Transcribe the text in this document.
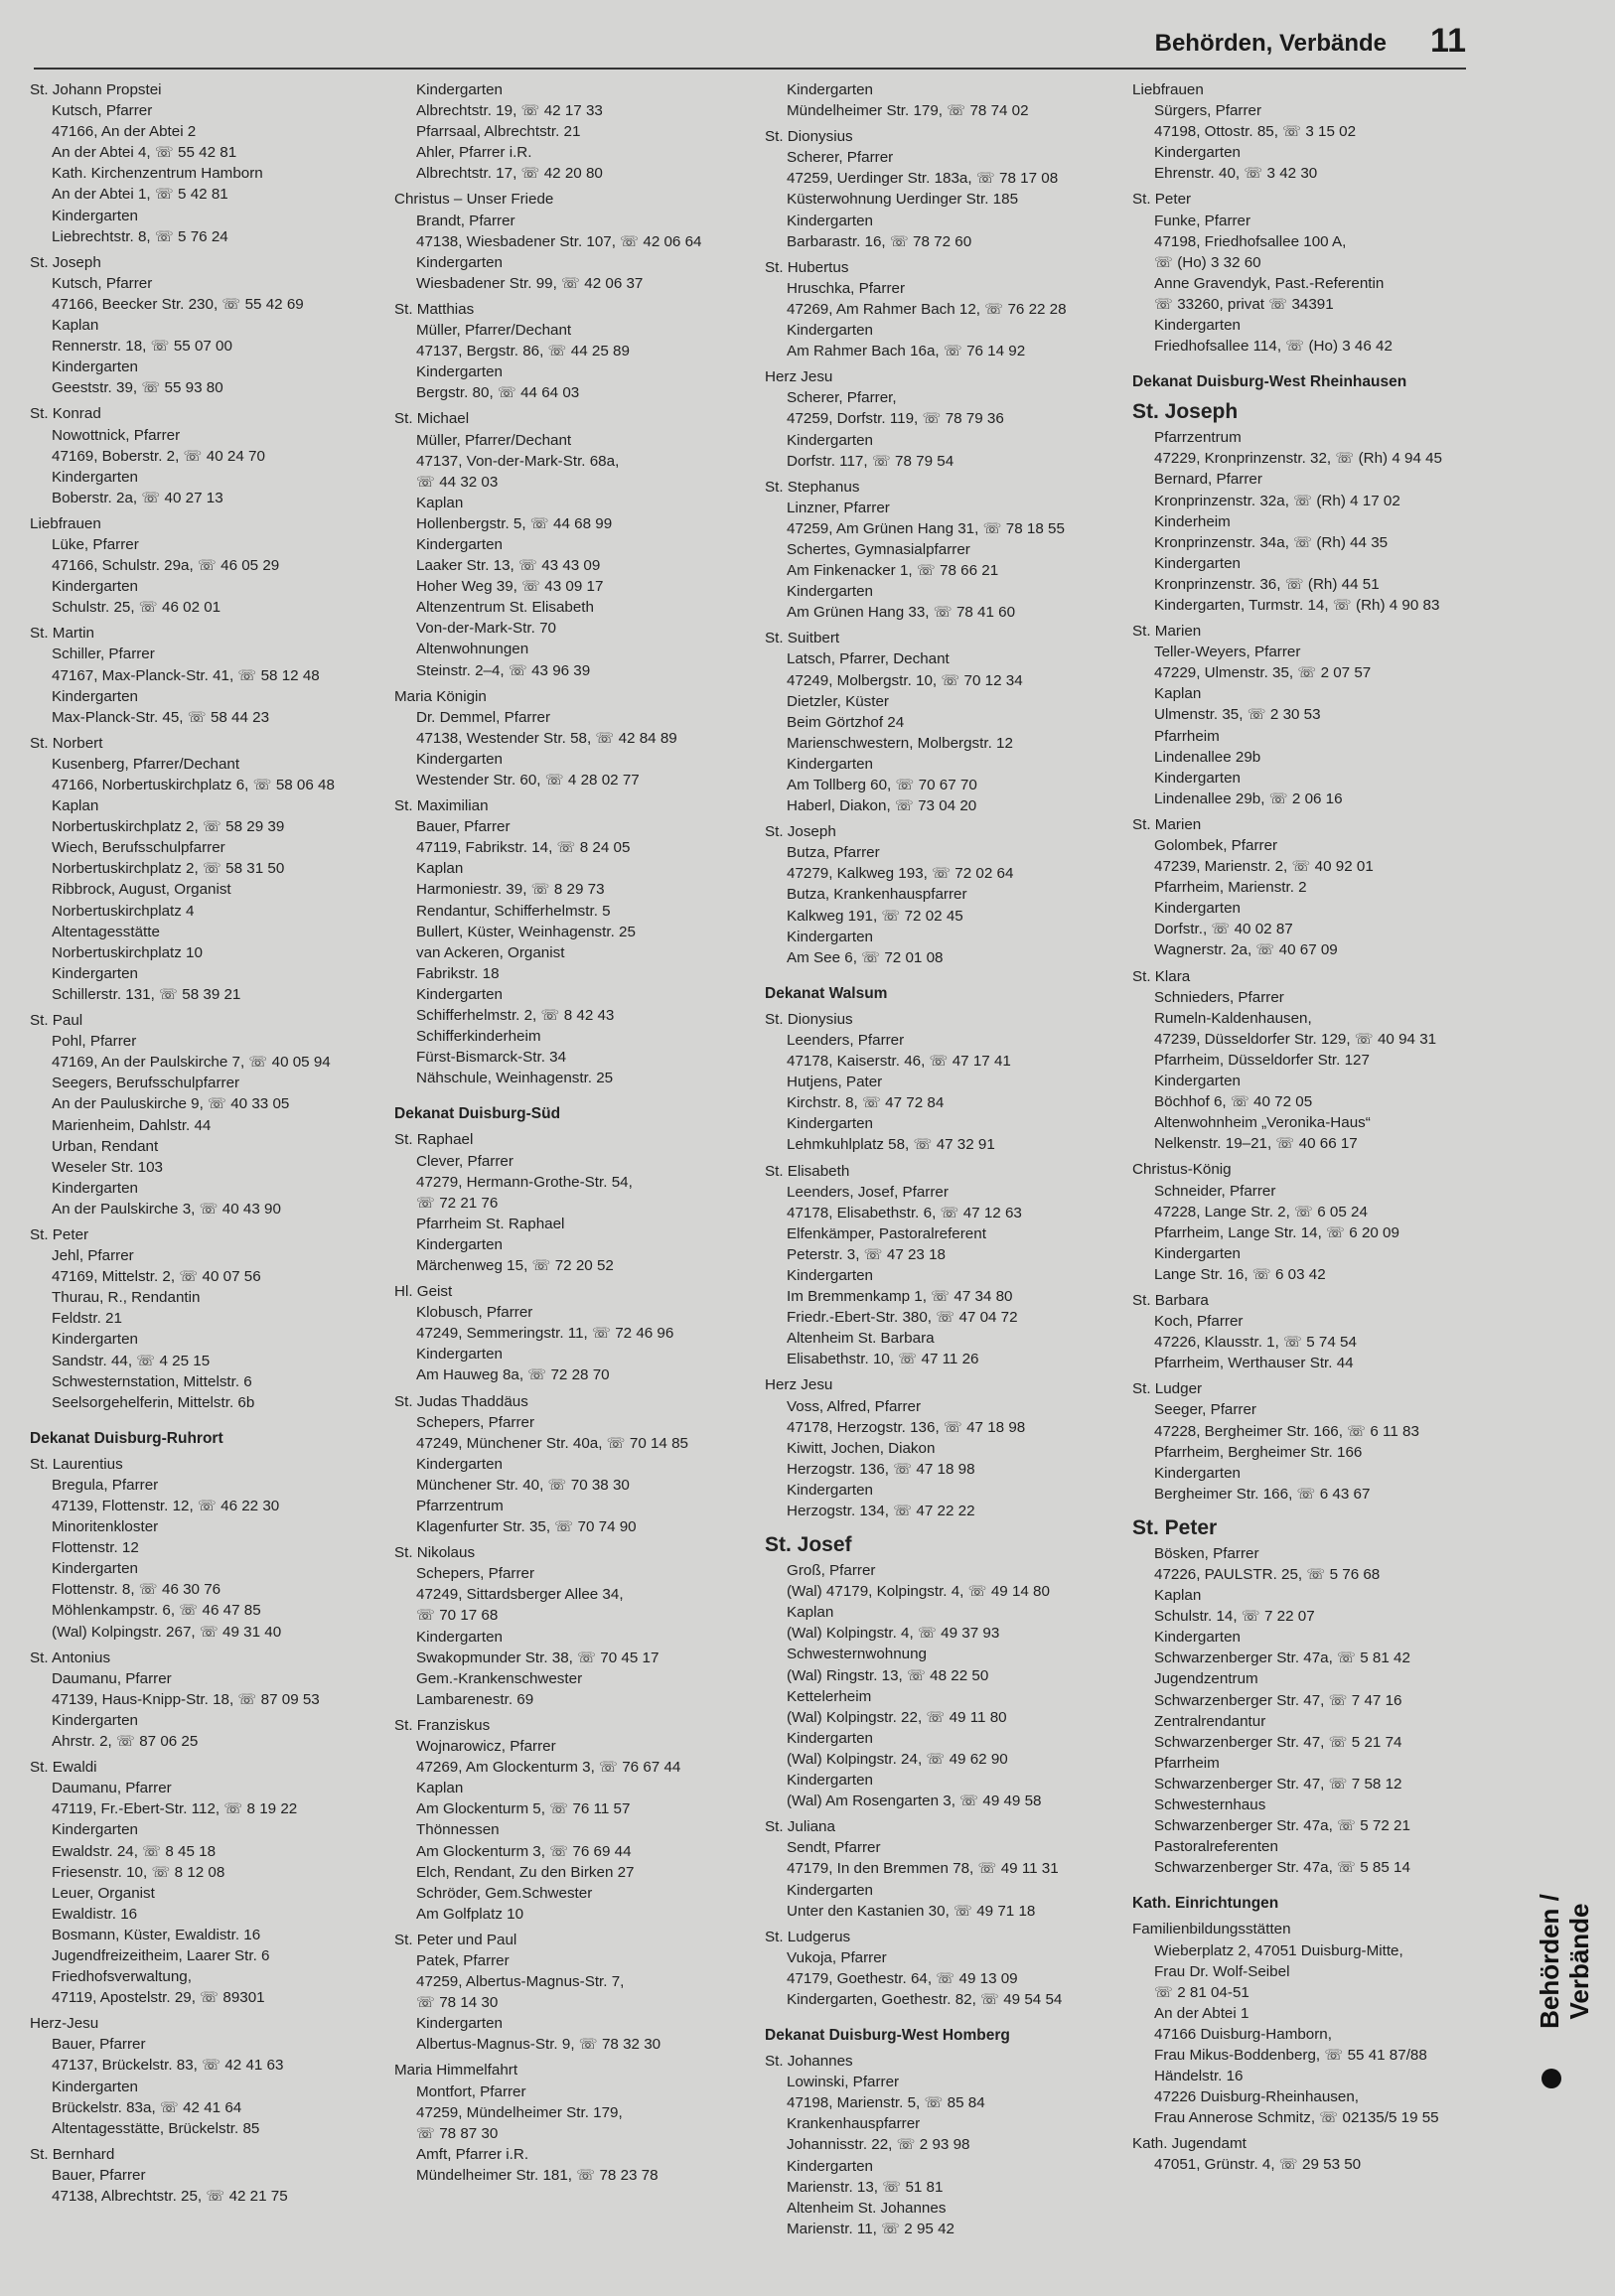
Behörden, Verbände 11
St. Johann Propstei
Kutsch, Pfarrer
47166, An der Abtei 2
An der Abtei 4, ☏ 55 42 81
Kath. Kirchenzentrum Hamborn
An der Abtei 1, ☏ 5 42 81
Kindergarten
Liebrechtstr. 8, ☏ 5 76 24
St. Joseph
Kutsch, Pfarrer
47166, Beecker Str. 230, ☏ 55 42 69
Kaplan
Rennerstr. 18, ☏ 55 07 00
Kindergarten
Geeststr. 39, ☏ 55 93 80
St. Konrad
Nowottnick, Pfarrer
47169, Boberstr. 2, ☏ 40 24 70
Kindergarten
Boberstr. 2a, ☏ 40 27 13
Liebfrauen
Lüke, Pfarrer
47166, Schulstr. 29a, ☏ 46 05 29
Kindergarten
Schulstr. 25, ☏ 46 02 01
St. Martin
Schiller, Pfarrer
47167, Max-Planck-Str. 41, ☏ 58 12 48
Kindergarten
Max-Planck-Str. 45, ☏ 58 44 23
St. Norbert
Kusenberg, Pfarrer/Dechant
47166, Norbertuskirchplatz 6, ☏ 58 06 48
Kaplan
Norbertuskirchplatz 2, ☏ 58 29 39
Wiech, Berufsschulpfarrer
Norbertuskirchplatz 2, ☏ 58 31 50
Ribbrock, August, Organist
Norbertuskirchplatz 4
Altentagesstätte
Norbertuskirchplatz 10
Kindergarten
Schillerstr. 131, ☏ 58 39 21
St. Paul
Pohl, Pfarrer
47169, An der Paulskirche 7, ☏ 40 05 94
Seegers, Berufsschulpfarrer
An der Pauluskirche 9, ☏ 40 33 05
Marienheim, Dahlstr. 44
Urban, Rendant
Weseler Str. 103
Kindergarten
An der Paulskirche 3, ☏ 40 43 90
St. Peter
Jehl, Pfarrer
47169, Mittelstr. 2, ☏ 40 07 56
Thurau, R., Rendantin
Feldstr. 21
Kindergarten
Sandstr. 44, ☏ 4 25 15
Schwesternstation, Mittelstr. 6
Seelsorgehelferin, Mittelstr. 6b
Dekanat Duisburg-Ruhrort
St. Laurentius
Bregula, Pfarrer
47139, Flottenstr. 12, ☏ 46 22 30
Minoritenkloster
Flottenstr. 12
Kindergarten
Flottenstr. 8, ☏ 46 30 76
Möhlenkampstr. 6, ☏ 46 47 85
(Wal) Kolpingstr. 267, ☏ 49 31 40
St. Antonius
Daumanu, Pfarrer
47139, Haus-Knipp-Str. 18, ☏ 87 09 53
Kindergarten
Ahrstr. 2, ☏ 87 06 25
St. Ewaldi
Daumanu, Pfarrer
47119, Fr.-Ebert-Str. 112, ☏ 8 19 22
Kindergarten
Ewaldstr. 24, ☏ 8 45 18
Friesenstr. 10, ☏ 8 12 08
Leuer, Organist
Ewaldistr. 16
Bosmann, Küster, Ewaldistr. 16
Jugendfreizeitheim, Laarer Str. 6
Friedhofsverwaltung,
47119, Apostelstr. 29, ☏ 89301
Herz-Jesu
Bauer, Pfarrer
47137, Brückelstr. 83, ☏ 42 41 63
Kindergarten
Brückelstr. 83a, ☏ 42 41 64
Altentagesstätte, Brückelstr. 85
St. Bernhard
Bauer, Pfarrer
47138, Albrechtstr. 25, ☏ 42 21 75
Kindergarten
Albrechtstr. 19, ☏ 42 17 33
Pfarrsaal, Albrechtstr. 21
Ahler, Pfarrer i.R.
Albrechtstr. 17, ☏ 42 20 80
Christus – Unser Friede
Brandt, Pfarrer
47138, Wiesbadener Str. 107, ☏ 42 06 64
Kindergarten
Wiesbadener Str. 99, ☏ 42 06 37
St. Matthias
Müller, Pfarrer/Dechant
47137, Bergstr. 86, ☏ 44 25 89
Kindergarten
Bergstr. 80, ☏ 44 64 03
St. Michael
Müller, Pfarrer/Dechant
47137, Von-der-Mark-Str. 68a,
☏ 44 32 03
Kaplan
Hollenbergstr. 5, ☏ 44 68 99
Kindergarten
Laaker Str. 13, ☏ 43 43 09
Hoher Weg 39, ☏ 43 09 17
Altenzentrum St. Elisabeth
Von-der-Mark-Str. 70
Altenwohnungen
Steinstr. 2–4, ☏ 43 96 39
Maria Königin
Dr. Demmel, Pfarrer
47138, Westender Str. 58, ☏ 42 84 89
Kindergarten
Westender Str. 60, ☏ 4 28 02 77
St. Maximilian
Bauer, Pfarrer
47119, Fabrikstr. 14, ☏ 8 24 05
Kaplan
Harmoniestr. 39, ☏ 8 29 73
Rendantur, Schifferhelmstr. 5
Bullert, Küster, Weinhagenstr. 25
van Ackeren, Organist
Fabrikstr. 18
Kindergarten
Schifferhelmstr. 2, ☏ 8 42 43
Schifferkinderheim
Fürst-Bismarck-Str. 34
Nähschule, Weinhagenstr. 25
Dekanat Duisburg-Süd
St. Raphael
Clever, Pfarrer
47279, Hermann-Grothe-Str. 54,
☏ 72 21 76
Pfarrheim St. Raphael
Kindergarten
Märchenweg 15, ☏ 72 20 52
Hl. Geist
Klobusch, Pfarrer
47249, Semmeringstr. 11, ☏ 72 46 96
Kindergarten
Am Hauweg 8a, ☏ 72 28 70
St. Judas Thaddäus
Schepers, Pfarrer
47249, Münchener Str. 40a, ☏ 70 14 85
Kindergarten
Münchener Str. 40, ☏ 70 38 30
Pfarrzentrum
Klagenfurter Str. 35, ☏ 70 74 90
St. Nikolaus
Schepers, Pfarrer
47249, Sittardsberger Allee 34,
☏ 70 17 68
Kindergarten
Swakopmunder Str. 38, ☏ 70 45 17
Gem.-Krankenschwester
Lambarenestr. 69
St. Franziskus
Wojnarowicz, Pfarrer
47269, Am Glockenturm 3, ☏ 76 67 44
Kaplan
Am Glockenturm 5, ☏ 76 11 57
Thönnessen
Am Glockenturm 3, ☏ 76 69 44
Elch, Rendant, Zu den Birken 27
Schröder, Gem.Schwester
Am Golfplatz 10
St. Peter und Paul
Patek, Pfarrer
47259, Albertus-Magnus-Str. 7,
☏ 78 14 30
Kindergarten
Albertus-Magnus-Str. 9, ☏ 78 32 30
Maria Himmelfahrt
Montfort, Pfarrer
47259, Mündelheimer Str. 179,
☏ 78 87 30
Amft, Pfarrer i.R.
Mündelheimer Str. 181, ☏ 78 23 78
Kindergarten
Mündelheimer Str. 179, ☏ 78 74 02
St. Dionysius
Scherer, Pfarrer
47259, Uerdinger Str. 183a, ☏ 78 17 08
Küsterwohnung Uerdinger Str. 185
Kindergarten
Barbarastr. 16, ☏ 78 72 60
St. Hubertus
Hruschka, Pfarrer
47269, Am Rahmer Bach 12, ☏ 76 22 28
Kindergarten
Am Rahmer Bach 16a, ☏ 76 14 92
Herz Jesu
Scherer, Pfarrer,
47259, Dorfstr. 119, ☏ 78 79 36
Kindergarten
Dorfstr. 117, ☏ 78 79 54
St. Stephanus
Linzner, Pfarrer
47259, Am Grünen Hang 31, ☏ 78 18 55
Schertes, Gymnasialpfarrer
Am Finkenacker 1, ☏ 78 66 21
Kindergarten
Am Grünen Hang 33, ☏ 78 41 60
St. Suitbert
Latsch, Pfarrer, Dechant
47249, Molbergstr. 10, ☏ 70 12 34
Dietzler, Küster
Beim Görtzhof 24
Marienschwestern, Molbergstr. 12
Kindergarten
Am Tollberg 60, ☏ 70 67 70
Haberl, Diakon, ☏ 73 04 20
St. Joseph
Butza, Pfarrer
47279, Kalkweg 193, ☏ 72 02 64
Butza, Krankenhauspfarrer
Kalkweg 191, ☏ 72 02 45
Kindergarten
Am See 6, ☏ 72 01 08
Dekanat Walsum
St. Dionysius
Leenders, Pfarrer
47178, Kaiserstr. 46, ☏ 47 17 41
Hutjens, Pater
Kirchstr. 8, ☏ 47 72 84
Kindergarten
Lehmkuhlplatz 58, ☏ 47 32 91
St. Elisabeth
Leenders, Josef, Pfarrer
47178, Elisabethstr. 6, ☏ 47 12 63
Elfenkämper, Pastoralreferent
Peterstr. 3, ☏ 47 23 18
Kindergarten
Im Bremmenkamp 1, ☏ 47 34 80
Friedr.-Ebert-Str. 380, ☏ 47 04 72
Altenheim St. Barbara
Elisabethstr. 10, ☏ 47 11 26
Herz Jesu
Voss, Alfred, Pfarrer
47178, Herzogstr. 136, ☏ 47 18 98
Kiwitt, Jochen, Diakon
Herzogstr. 136, ☏ 47 18 98
Kindergarten
Herzogstr. 134, ☏ 47 22 22
St. Josef
Groß, Pfarrer
(Wal) 47179, Kolpingstr. 4, ☏ 49 14 80
Kaplan
(Wal) Kolpingstr. 4, ☏ 49 37 93
Schwesternwohnung
(Wal) Ringstr. 13, ☏ 48 22 50
Kettelerheim
(Wal) Kolpingstr. 22, ☏ 49 11 80
Kindergarten
(Wal) Kolpingstr. 24, ☏ 49 62 90
Kindergarten
(Wal) Am Rosengarten 3, ☏ 49 49 58
St. Juliana
Sendt, Pfarrer
47179, In den Bremmen 78, ☏ 49 11 31
Kindergarten
Unter den Kastanien 30, ☏ 49 71 18
St. Ludgerus
Vukoja, Pfarrer
47179, Goethestr. 64, ☏ 49 13 09
Kindergarten, Goethestr. 82, ☏ 49 54 54
Dekanat Duisburg-West Homberg
St. Johannes
Lowinski, Pfarrer
47198, Marienstr. 5, ☏ 85 84
Krankenhauspfarrer
Johannisstr. 22, ☏ 2 93 98
Kindergarten
Marienstr. 13, ☏ 51 81
Altenheim St. Johannes
Marienstr. 11, ☏ 2 95 42
Liebfrauen
Sürgers, Pfarrer
47198, Ottostr. 85, ☏ 3 15 02
Kindergarten
Ehrenstr. 40, ☏ 3 42 30
St. Peter
Funke, Pfarrer
47198, Friedhofsallee 100 A,
☏ (Ho) 3 32 60
Anne Gravendyk, Past.-Referentin
☏ 33260, privat ☏ 34391
Kindergarten
Friedhofsallee 114, ☏ (Ho) 3 46 42
Dekanat Duisburg-West Rheinhausen
St. Joseph
Pfarrzentrum
47229, Kronprinzenstr. 32, ☏ (Rh) 4 94 45
Bernard, Pfarrer
Kronprinzenstr. 32a, ☏ (Rh) 4 17 02
Kinderheim
Kronprinzenstr. 34a, ☏ (Rh) 44 35
Kindergarten
Kronprinzenstr. 36, ☏ (Rh) 44 51
Kindergarten, Turmstr. 14, ☏ (Rh) 4 90 83
St. Marien
Teller-Weyers, Pfarrer
47229, Ulmenstr. 35, ☏ 2 07 57
Kaplan
Ulmenstr. 35, ☏ 2 30 53
Pfarrheim
Lindenallee 29b
Kindergarten
Lindenallee 29b, ☏ 2 06 16
St. Marien
Golombek, Pfarrer
47239, Marienstr. 2, ☏ 40 92 01
Pfarrheim, Marienstr. 2
Kindergarten
Dorfstr., ☏ 40 02 87
Wagnerstr. 2a, ☏ 40 67 09
St. Klara
Schnieders, Pfarrer
Rumeln-Kaldenhausen,
47239, Düsseldorfer Str. 129, ☏ 40 94 31
Pfarrheim, Düsseldorfer Str. 127
Kindergarten
Böchhof 6, ☏ 40 72 05
Altenwohnheim „Veronika-Haus“
Nelkenstr. 19–21, ☏ 40 66 17
Christus-König
Schneider, Pfarrer
47228, Lange Str. 2, ☏ 6 05 24
Pfarrheim, Lange Str. 14, ☏ 6 20 09
Kindergarten
Lange Str. 16, ☏ 6 03 42
St. Barbara
Koch, Pfarrer
47226, Klausstr. 1, ☏ 5 74 54
Pfarrheim, Werthauser Str. 44
St. Ludger
Seeger, Pfarrer
47228, Bergheimer Str. 166, ☏ 6 11 83
Pfarrheim, Bergheimer Str. 166
Kindergarten
Bergheimer Str. 166, ☏ 6 43 67
St. Peter
Bösken, Pfarrer
47226, PAULSTR. 25, ☏ 5 76 68
Kaplan
Schulstr. 14, ☏ 7 22 07
Kindergarten
Schwarzenberger Str. 47a, ☏ 5 81 42
Jugendzentrum
Schwarzenberger Str. 47, ☏ 7 47 16
Zentralrendantur
Schwarzenberger Str. 47, ☏ 5 21 74
Pfarrheim
Schwarzenberger Str. 47, ☏ 7 58 12
Schwesternhaus
Schwarzenberger Str. 47a, ☏ 5 72 21
Pastoralreferenten
Schwarzenberger Str. 47a, ☏ 5 85 14
Kath. Einrichtungen
Familienbildungsstätten
Wieberplatz 2, 47051 Duisburg-Mitte,
Frau Dr. Wolf-Seibel
☏ 2 81 04-51
An der Abtei 1
47166 Duisburg-Hamborn,
Frau Mikus-Boddenberg, ☏ 55 41 87/88
Händelstr. 16
47226 Duisburg-Rheinhausen,
Frau Annerose Schmitz, ☏ 02135/5 19 55
Kath. Jugendamt
47051, Grünstr. 4, ☏ 29 53 50
Behörden / Verbände
